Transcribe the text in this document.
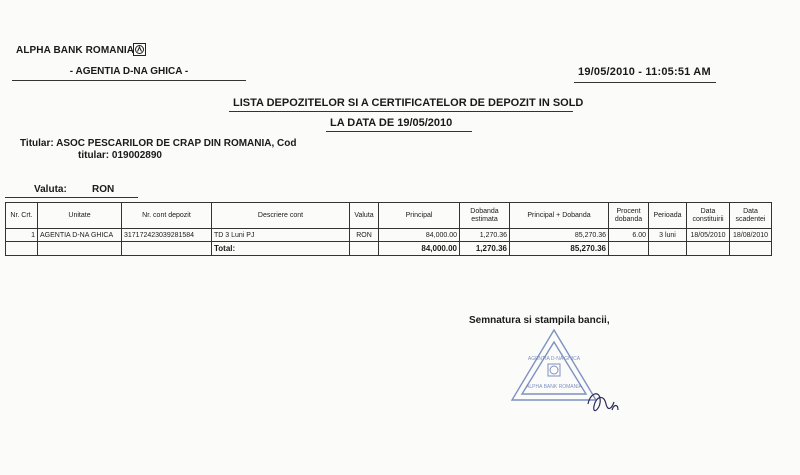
ALPHA BANK ROMANIA
- AGENTIA D-NA GHICA -	19/05/2010 - 11:05:51 AM
LISTA DEPOZITELOR SI A CERTIFICATELOR DE DEPOZIT IN SOLD
LA DATA DE 19/05/2010
Titular: ASOC PESCARILOR DE CRAP DIN ROMANIA, Cod
titular: 019002890
Valuta:	RON
Nr. Crt.	Unitate	Nr. cont depozit	Descriere cont	Valuta	Principal	Dobanda estimata	Principal + Dobanda	Procent dobanda	Perioada	Data constituirii	Data scadentei
1	AGENTIA D-NA GHICA	317172423039281584	TD 3 Luni PJ	RON	84,000.00	1,270.36	85,270.36	6.00	3 luni	18/05/2010	18/08/2010
			Total:		84,000.00	1,270.36	85,270.36				
Semnatura si stampila bancii,
AGENTIA D-NA GHICA
ALPHA BANK ROMANIA
